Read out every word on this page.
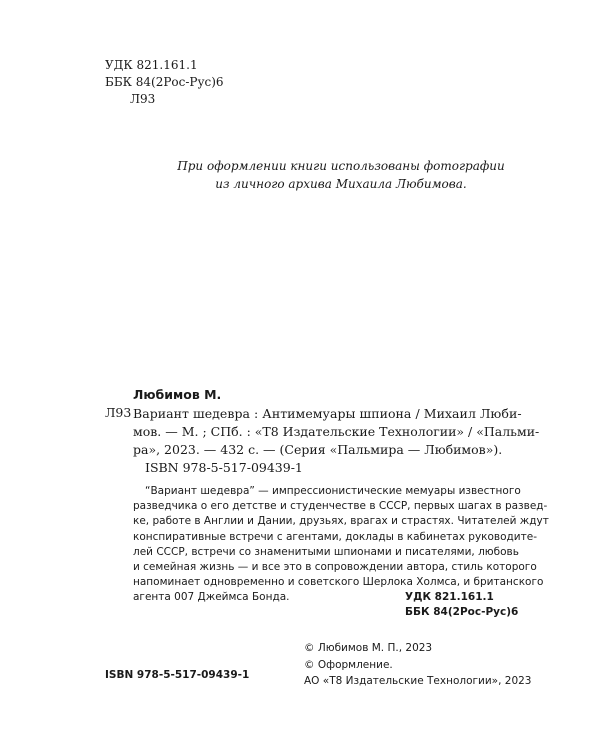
УДК 821.161.1
ББК 84(2Рос-Рус)6
Л93
При оформлении книги использованы фотографии
из личного архива Михаила Любимова.
Любимов М.
Л93 Вариант шедевра : Антимемуары шпиона / Михаил Люби-
мов. — М. ; СПб. : «Т8 Издательские Технологии» / «Пальми-
ра», 2023. — 432 с. — (Серия «Пальмира — Любимов»).
ISBN 978-5-517-09439-1
“Вариант шедевра” — импрессионистические мемуары известного
разведчика о его детстве и студенчестве в СССР, первых шагах в развед-
ке, работе в Англии и Дании, друзьях, врагах и страстях. Читателей ждут
конспиративные встречи с агентами, доклады в кабинетах руководите-
лей СССР, встречи со знаменитыми шпионами и писателями, любовь
и семейная жизнь — и все это в сопровождении автора, стиль которого
напоминает одновременно и советского Шерлока Холмса, и британского
агента 007 Джеймса Бонда.	УДК 821.161.1
ББК 84(2Рос-Рус)6
© Любимов М. П., 2023
© Оформление.
АО «Т8 Издательские Технологии», 2023
ISBN 978-5-517-09439-1
